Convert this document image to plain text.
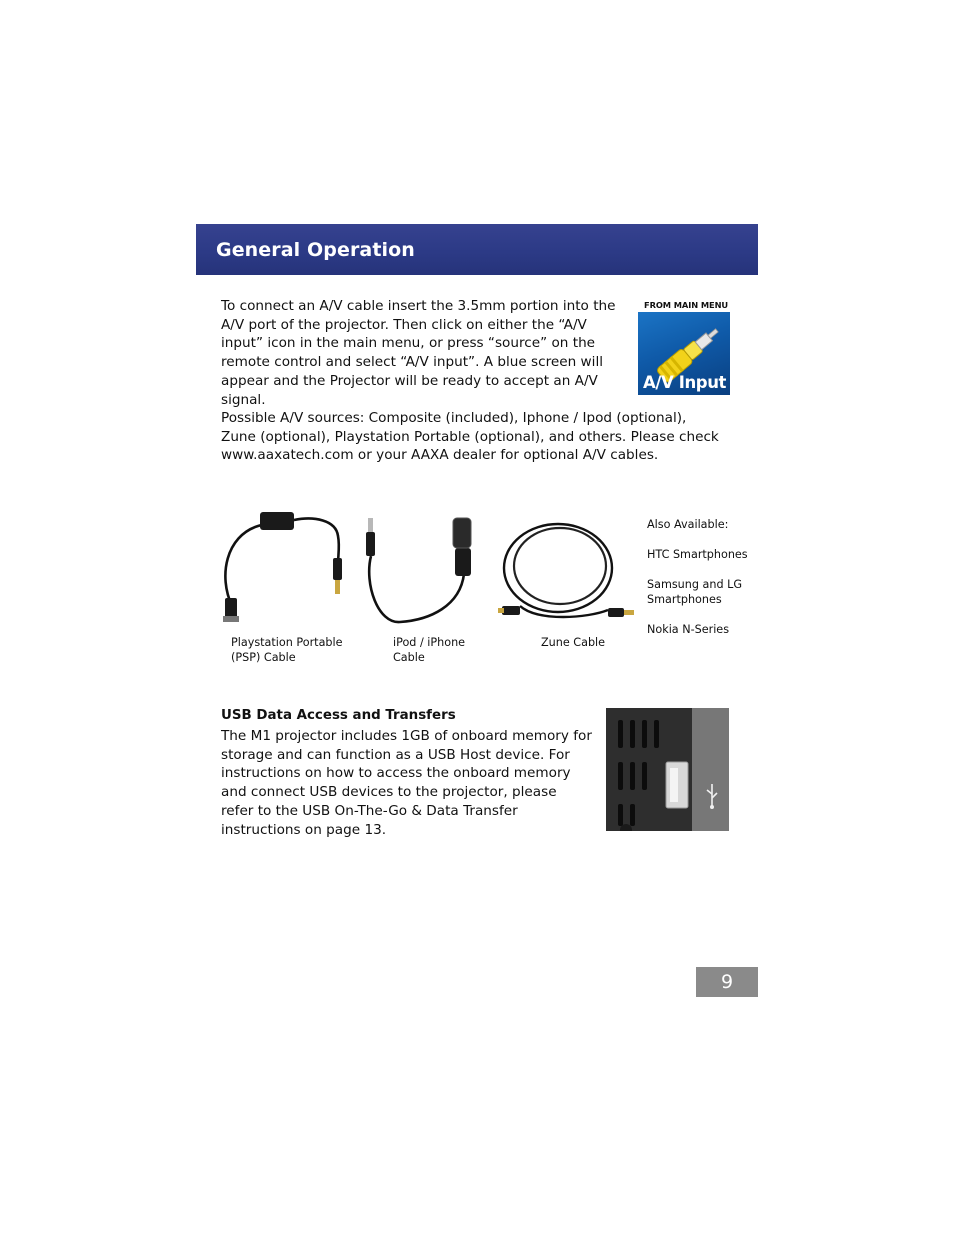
General Operation

To connect an A/V cable insert the 3.5mm portion into the A/V port of the projector. Then click on either the “A/V input” icon in the main menu, or press “source” on the remote control and select “A/V input”. A blue screen will appear and the Projector will be ready to accept an A/V signal.

FROM MAIN MENU
A/V Input

Possible A/V sources: Composite (included), Iphone / Ipod (optional), Zune (optional), Playstation Portable (optional), and others. Please check www.aaxatech.com or your AAXA dealer for optional A/V cables.

Playstation Portable
(PSP) Cable
iPod / iPhone
Cable
Zune Cable
Also Available:
HTC Smartphones
Samsung and LG
Smartphones
Nokia N-Series
USB Data Access and Transfers

The M1 projector includes 1GB of onboard memory for storage and can function as a USB Host device. For instructions on how to access the onboard memory and connect USB devices to the projector, please refer to the USB On-The-Go & Data Transfer instructions on page 13.

9
